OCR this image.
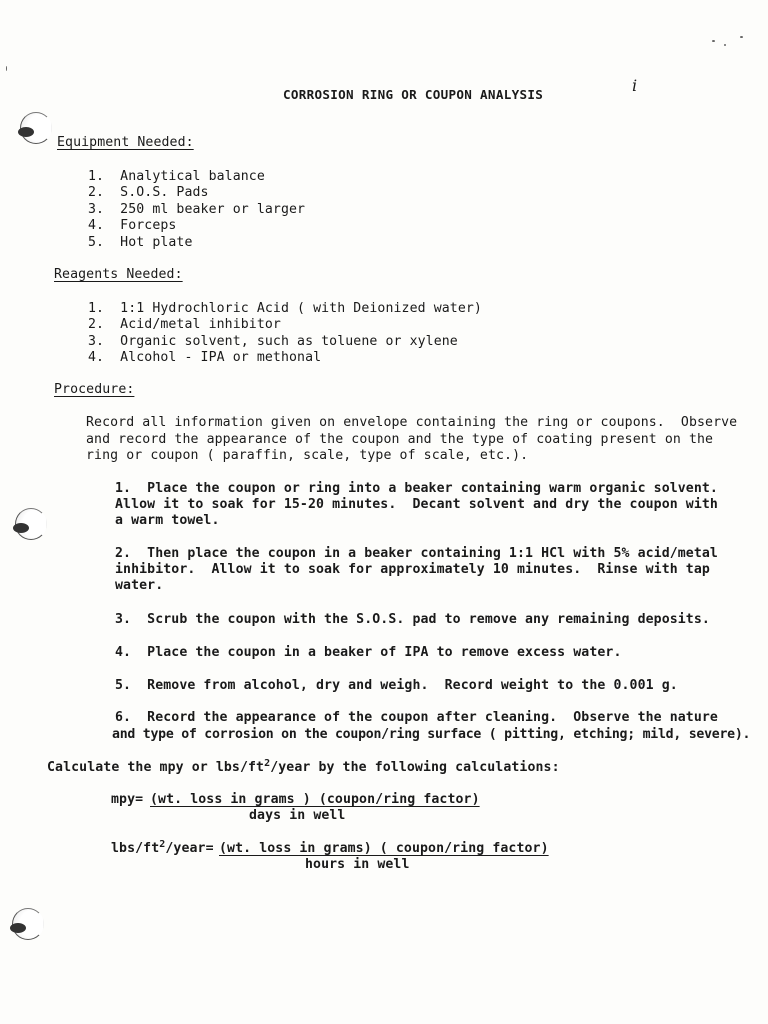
CORROSION RING OR COUPON ANALYSIS	i
Equipment Needed:
1.  Analytical balance
2.  S.O.S. Pads
3.  250 ml beaker or larger
4.  Forceps
5.  Hot plate
Reagents Needed:
1.  1:1 Hydrochloric Acid ( with Deionized water)
2.  Acid/metal inhibitor
3.  Organic solvent, such as toluene or xylene
4.  Alcohol - IPA or methonal
Procedure:
Record all information given on envelope containing the ring or coupons.  Observe
and record the appearance of the coupon and the type of coating present on the
ring or coupon ( paraffin, scale, type of scale, etc.).
1.  Place the coupon or ring into a beaker containing warm organic solvent.
Allow it to soak for 15-20 minutes.  Decant solvent and dry the coupon with
a warm towel.
2.  Then place the coupon in a beaker containing 1:1 HCl with 5% acid/metal
inhibitor.  Allow it to soak for approximately 10 minutes.  Rinse with tap
water.
3.  Scrub the coupon with the S.O.S. pad to remove any remaining deposits.
4.  Place the coupon in a beaker of IPA to remove excess water.
5.  Remove from alcohol, dry and weigh.  Record weight to the 0.001 g.
6.  Record the appearance of the coupon after cleaning.  Observe the nature
and type of corrosion on the coupon/ring surface ( pitting, etching; mild, severe).
Calculate the mpy or lbs/$ft^2$/year by the following calculations:
mpy= (wt. loss in grams ) (coupon/ring factor)
days in well
lbs/$ft^2/year= (wt$. loss in grams) ( coupon/ring factor)
hours in well
